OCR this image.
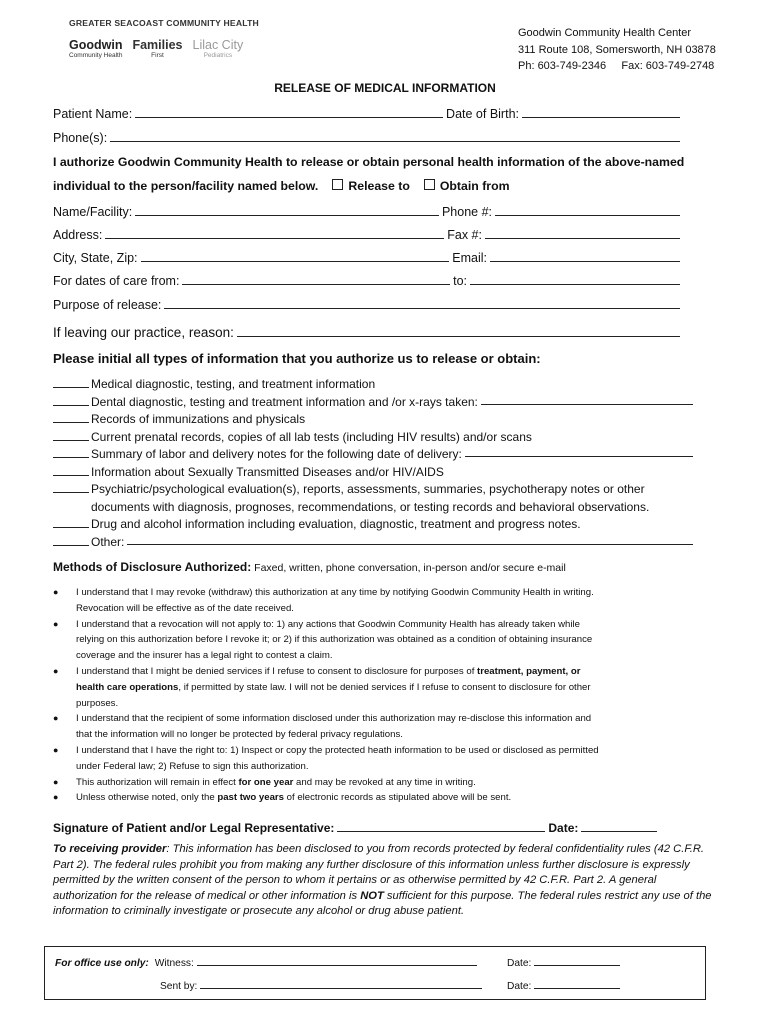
GREATER SEACOAST COMMUNITY HEALTH
Goodwin
Community Health
Families
First
Lilac City
Pediatrics
Goodwin Community Health Center
311 Route 108, Somersworth, NH 03878
Ph: 603-749-2346     Fax: 603-749-2748
RELEASE OF MEDICAL INFORMATION
Patient Name:	Date of Birth:
Phone(s):
I authorize Goodwin Community Health to release or obtain personal health information of the above-named
individual to the person/facility named below. Release to Obtain from
Name/Facility:	Phone #:
Address:	Fax #:
City, State, Zip:	Email:
For dates of care from:	to:
Purpose of release:
If leaving our practice, reason:
Please initial all types of information that you authorize us to release or obtain:
Medical diagnostic, testing, and treatment information
Dental diagnostic, testing and treatment information and /or x-rays taken:
Records of immunizations and physicals
Current prenatal records, copies of all lab tests (including HIV results) and/or scans
Summary of labor and delivery notes for the following date of delivery:
Information about Sexually Transmitted Diseases and/or HIV/AIDS
Psychiatric/psychological evaluation(s), reports, assessments, summaries, psychotherapy notes or other
documents with diagnosis, prognoses, recommendations, or testing records and behavioral observations.
Drug and alcohol information including evaluation, diagnostic, treatment and progress notes.
Other:
Methods of Disclosure Authorized: Faxed, written, phone conversation, in-person and/or secure e-mail
●	I understand that I may revoke (withdraw) this authorization at any time by notifying Goodwin Community Health in writing.
Revocation will be effective as of the date received.
●	I understand that a revocation will not apply to: 1) any actions that Goodwin Community Health has already taken while
relying on this authorization before I revoke it; or 2) if this authorization was obtained as a condition of obtaining insurance
coverage and the insurer has a legal right to contest a claim.
●	I understand that I might be denied services if I refuse to consent to disclosure for purposes of treatment, payment, or
health care operations, if permitted by state law. I will not be denied services if I refuse to consent to disclosure for other
purposes.
●	I understand that the recipient of some information disclosed under this authorization may re-disclose this information and
that the information will no longer be protected by federal privacy regulations.
●	I understand that I have the right to: 1) Inspect or copy the protected heath information to be used or disclosed as permitted
under Federal law; 2) Refuse to sign this authorization.
●	This authorization will remain in effect for one year and may be revoked at any time in writing.
●	Unless otherwise noted, only the past two years of electronic records as stipulated above will be sent.
Signature of Patient and/or Legal Representative:	Date:
To receiving provider: This information has been disclosed to you from records protected by federal confidentiality rules (42 C.F.R. Part 2). The federal rules prohibit you from making any further disclosure of this information unless further disclosure is expressly permitted by the written consent of the person to whom it pertains or as otherwise permitted by 42 C.F.R. Part 2. A general authorization for the release of medical or other information is NOT sufficient for this purpose. The federal rules restrict any use of the information to criminally investigate or prosecute any alcohol or drug abuse patient.
For office use only: Witness:	Date:
Sent by:	Date:
